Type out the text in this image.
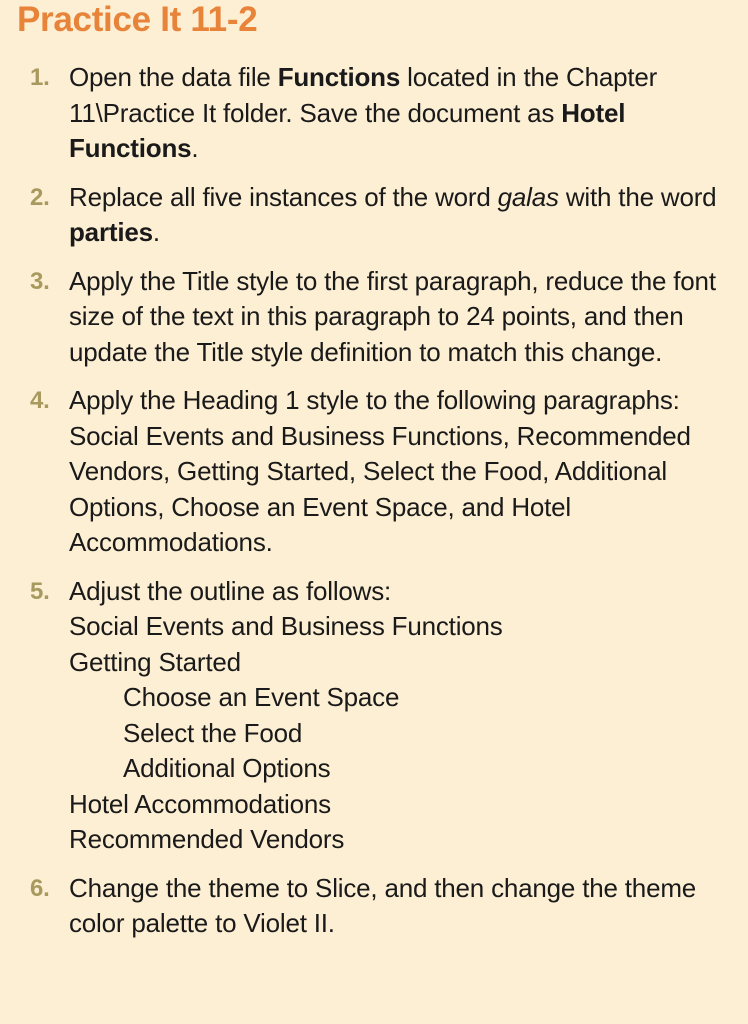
Practice It 11-2
1. Open the data file Functions located in the Chapter 11\Practice It folder. Save the document as Hotel Functions.
2. Replace all five instances of the word galas with the word parties.
3. Apply the Title style to the first paragraph, reduce the font size of the text in this paragraph to 24 points, and then update the Title style definition to match this change.
4. Apply the Heading 1 style to the following paragraphs: Social Events and Business Functions, Recommended Vendors, Getting Started, Select the Food, Additional Options, Choose an Event Space, and Hotel Accommodations.
5. Adjust the outline as follows:
Social Events and Business Functions
Getting Started
Choose an Event Space
Select the Food
Additional Options
Hotel Accommodations
Recommended Vendors
6. Change the theme to Slice, and then change the theme color palette to Violet II.
